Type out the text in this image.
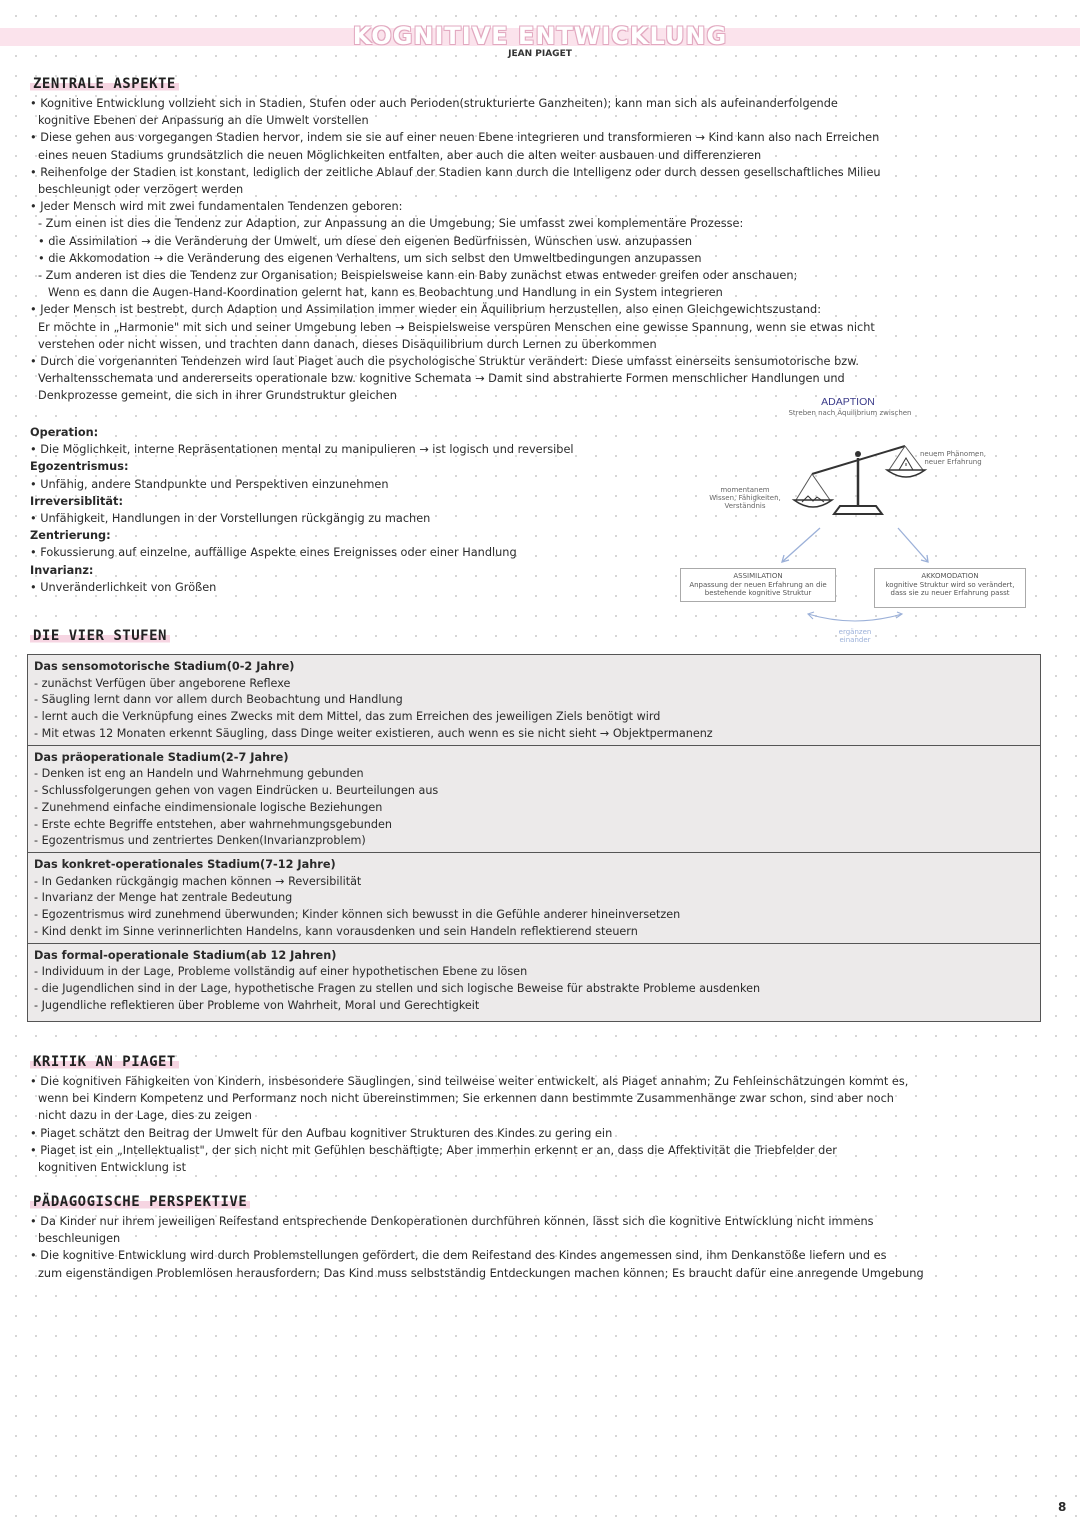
KOGNITIVE ENTWICKLUNG
JEAN PIAGET
ZENTRALE ASPEKTE
• Kognitive Entwicklung vollzieht sich in Stadien, Stufen oder auch Perioden(strukturierte Ganzheiten); kann man sich als aufeinanderfolgende
kognitive Ebenen der Anpassung an die Umwelt vorstellen
• Diese gehen aus vorgegangen Stadien hervor, indem sie sie auf einer neuen Ebene integrieren und transformieren → Kind kann also nach Erreichen
eines neuen Stadiums grundsätzlich die neuen Möglichkeiten entfalten, aber auch die alten weiter ausbauen und differenzieren
• Reihenfolge der Stadien ist konstant, lediglich der zeitliche Ablauf der Stadien kann durch die Intelligenz oder durch dessen gesellschaftliches Milieu
beschleunigt oder verzögert werden
• Jeder Mensch wird mit zwei fundamentalen Tendenzen geboren:
- Zum einen ist dies die Tendenz zur Adaption, zur Anpassung an die Umgebung; Sie umfasst zwei komplementäre Prozesse:
• die Assimilation → die Veränderung der Umwelt, um diese den eigenen Bedürfnissen, Wünschen usw. anzupassen
• die Akkomodation → die Veränderung des eigenen Verhaltens, um sich selbst den Umweltbedingungen anzupassen
- Zum anderen ist dies die Tendenz zur Organisation; Beispielsweise kann ein Baby zunächst etwas entweder greifen oder anschauen;
Wenn es dann die Augen-Hand-Koordination gelernt hat, kann es Beobachtung und Handlung in ein System integrieren
• Jeder Mensch ist bestrebt, durch Adaption und Assimilation immer wieder ein Äquilibrium herzustellen, also einen Gleichgewichtszustand:
Er möchte in „Harmonie" mit sich und seiner Umgebung leben → Beispielsweise verspüren Menschen eine gewisse Spannung, wenn sie etwas nicht
verstehen oder nicht wissen, und trachten dann danach, dieses Disäquilibrium durch Lernen zu überkommen
• Durch die vorgenannten Tendenzen wird laut Piaget auch die psychologische Struktur verändert: Diese umfasst einerseits sensumotorische bzw.
Verhaltensschemata und andererseits operationale bzw. kognitive Schemata → Damit sind abstrahierte Formen menschlicher Handlungen und
Denkprozesse gemeint, die sich in ihrer Grundstruktur gleichen
Operation:
• Die Möglichkeit, interne Repräsentationen mental zu manipulieren → ist logisch und reversibel
Egozentrismus:
• Unfähig, andere Standpunkte und Perspektiven einzunehmen
Irreversiblität:
• Unfähigkeit, Handlungen in der Vorstellungen rückgängig zu machen
Zentrierung:
• Fokussierung auf einzelne, auffällige Aspekte eines Ereignisses oder einer Handlung
Invarianz:
• Unveränderlichkeit von Größen
ADAPTION
Streben nach Äquilibrium zwischen
momentanem Wissen, Fähigkeiten, Verständnis
neuem Phänomen, neuer Erfahrung
ASSIMILATION
Anpassung der neuen Erfahrung an die bestehende kognitive Struktur
AKKOMODATION
kognitive Struktur wird so verändert, dass sie zu neuer Erfahrung passt
ergänzen einander
DIE VIER STUFEN
Das sensomotorische Stadium(0-2 Jahre)
- zunächst Verfügen über angeborene Reflexe
- Säugling lernt dann vor allem durch Beobachtung und Handlung
- lernt auch die Verknüpfung eines Zwecks mit dem Mittel, das zum Erreichen des jeweiligen Ziels benötigt wird
- Mit etwas 12 Monaten erkennt Säugling, dass Dinge weiter existieren, auch wenn es sie nicht sieht → Objektpermanenz
Das präoperationale Stadium(2-7 Jahre)
- Denken ist eng an Handeln und Wahrnehmung gebunden
- Schlussfolgerungen gehen von vagen Eindrücken u. Beurteilungen aus
- Zunehmend einfache eindimensionale logische Beziehungen
- Erste echte Begriffe entstehen, aber wahrnehmungsgebunden
- Egozentrismus und zentriertes Denken(Invarianzproblem)
Das konkret-operationales Stadium(7-12 Jahre)
- In Gedanken rückgängig machen können → Reversibilität
- Invarianz der Menge hat zentrale Bedeutung
- Egozentrismus wird zunehmend überwunden; Kinder können sich bewusst in die Gefühle anderer hineinversetzen
- Kind denkt im Sinne verinnerlichten Handelns, kann vorausdenken und sein Handeln reflektierend steuern
Das formal-operationale Stadium(ab 12 Jahren)
- Individuum in der Lage, Probleme vollständig auf einer hypothetischen Ebene zu lösen
- die Jugendlichen sind in der Lage, hypothetische Fragen zu stellen und sich logische Beweise für abstrakte Probleme ausdenken
- Jugendliche reflektieren über Probleme von Wahrheit, Moral und Gerechtigkeit
KRITIK AN PIAGET
• Die kognitiven Fähigkeiten von Kindern, insbesondere Säuglingen, sind teilweise weiter entwickelt, als Piaget annahm; Zu Fehleinschätzungen kommt es,
wenn bei Kindern Kompetenz und Performanz noch nicht übereinstimmen; Sie erkennen dann bestimmte Zusammenhänge zwar schon, sind aber noch
nicht dazu in der Lage, dies zu zeigen
• Piaget schätzt den Beitrag der Umwelt für den Aufbau kognitiver Strukturen des Kindes zu gering ein
• Piaget ist ein „Intellektualist", der sich nicht mit Gefühlen beschäftigte; Aber immerhin erkennt er an, dass die Affektivität die Triebfelder der
kognitiven Entwicklung ist
PÄDAGOGISCHE PERSPEKTIVE
• Da Kinder nur ihrem jeweiligen Reifestand entsprechende Denkoperationen durchführen können, lässt sich die kognitive Entwicklung nicht immens
beschleunigen
• Die kognitive Entwicklung wird durch Problemstellungen gefördert, die dem Reifestand des Kindes angemessen sind, ihm Denkanstöße liefern und es
zum eigenständigen Problemlösen herausfordern; Das Kind muss selbstständig Entdeckungen machen können; Es braucht dafür eine anregende Umgebung
8
